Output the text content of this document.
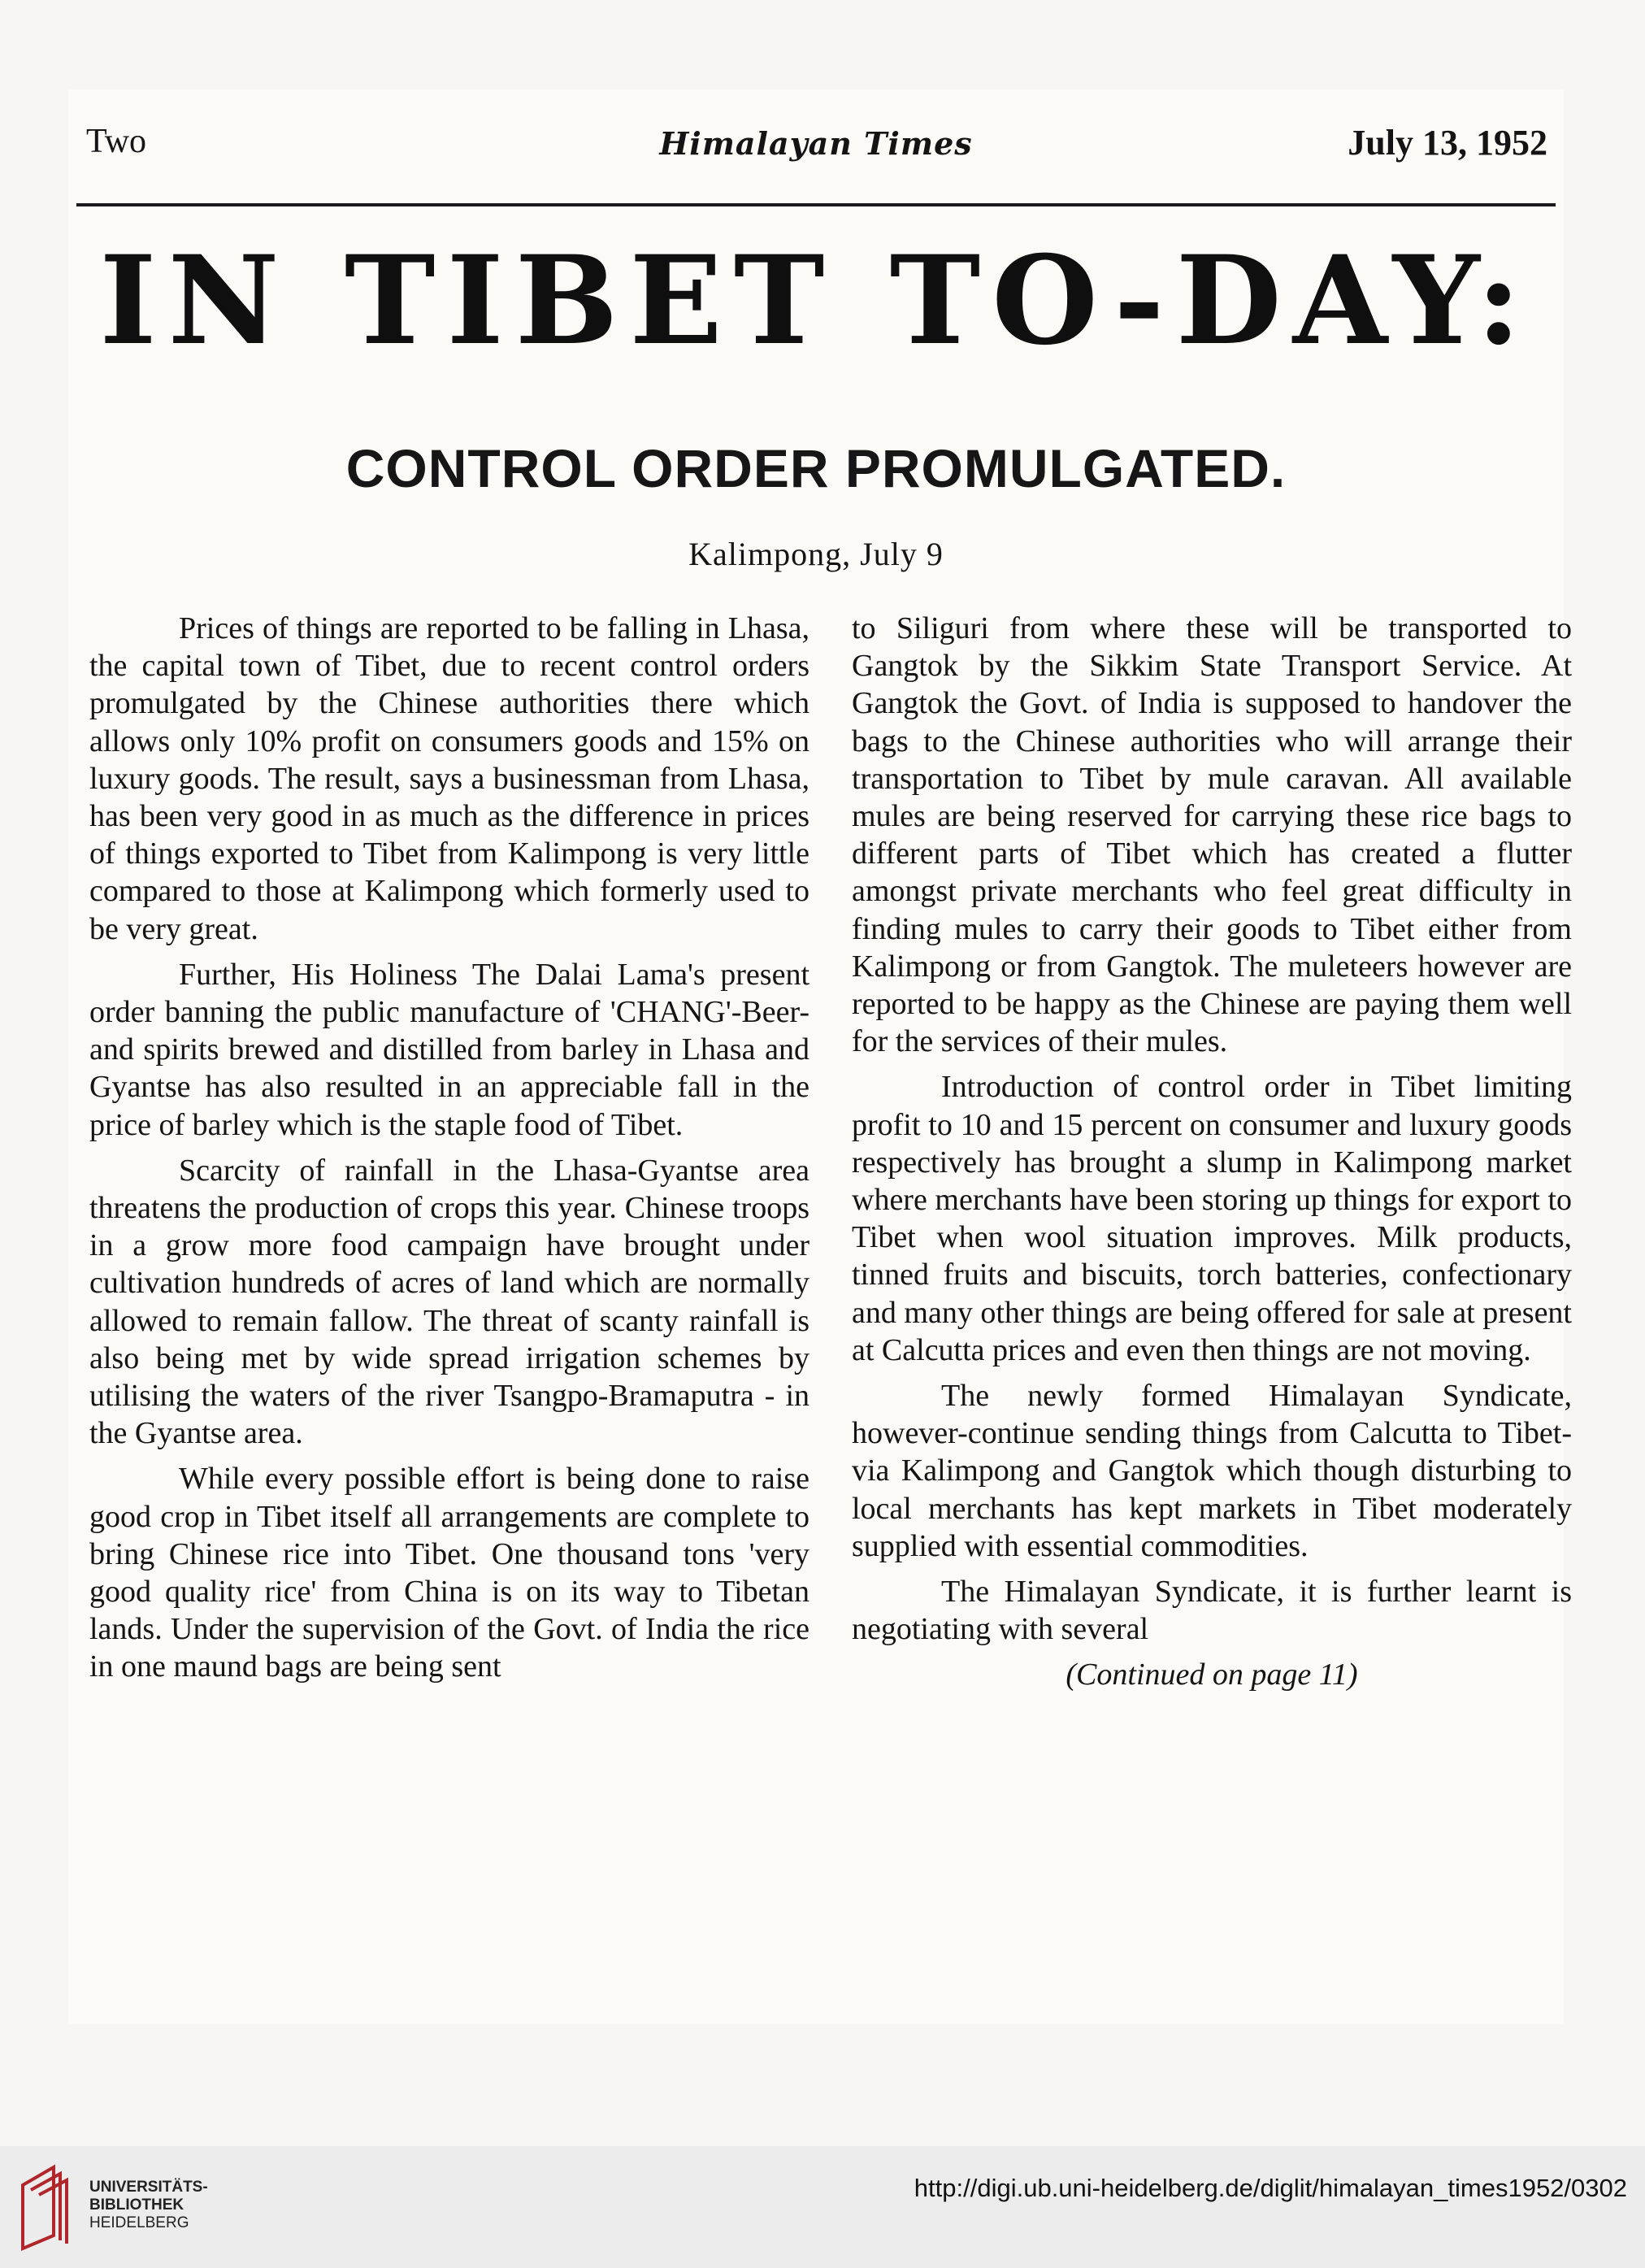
Two	Himalayan Times	July 13, 1952
IN TIBET TO-DAY:
CONTROL ORDER PROMULGATED.
Kalimpong, July 9

Prices of things are reported to be falling in Lhasa, the capital town of Tibet, due to recent control orders promulgated by the Chinese authorities there which allows only 10% profit on consumers goods and 15% on luxury goods. The result, says a businessman from Lhasa, has been very good in as much as the difference in prices of things exported to Tibet from Kalimpong is very little compared to those at Kalimpong which formerly used to be very great.

Further, His Holiness The Dalai Lama's present order banning the public manufacture of 'CHANG'-Beer-and spirits brewed and distilled from barley in Lhasa and Gyantse has also resulted in an appreciable fall in the price of barley which is the staple food of Tibet.

Scarcity of rainfall in the Lhasa-Gyantse area threatens the production of crops this year. Chinese troops in a grow more food campaign have brought under cultivation hundreds of acres of land which are normally allowed to remain fallow. The threat of scanty rainfall is also being met by wide spread irrigation schemes by utilising the waters of the river Tsangpo-Bramaputra - in the Gyantse area.

While every possible effort is being done to raise good crop in Tibet itself all arrangements are complete to bring Chinese rice into Tibet. One thousand tons 'very good quality rice' from China is on its way to Tibetan lands. Under the supervision of the Govt. of India the rice in one maund bags are being sent

to Siliguri from where these will be transported to Gangtok by the Sikkim State Transport Service. At Gangtok the Govt. of India is supposed to handover the bags to the Chinese authorities who will arrange their transportation to Tibet by mule caravan. All available mules are being reserved for carrying these rice bags to different parts of Tibet which has created a flutter amongst private merchants who feel great difficulty in finding mules to carry their goods to Tibet either from Kalimpong or from Gangtok. The muleteers however are reported to be happy as the Chinese are paying them well for the services of their mules.

Introduction of control order in Tibet limiting profit to 10 and 15 percent on consumer and luxury goods respectively has brought a slump in Kalimpong market where merchants have been storing up things for export to Tibet when wool situation improves. Milk products, tinned fruits and biscuits, torch batteries, confectionary and many other things are being offered for sale at present at Calcutta prices and even then things are not moving.

The newly formed Himalayan Syndicate, however-continue sending things from Calcutta to Tibet-via Kalimpong and Gangtok which though disturbing to local merchants has kept markets in Tibet moderately supplied with essential commodities.

The Himalayan Syndicate, it is further learnt is negotiating with several

(Continued on page 11)
UNIVERSITÄTS-
BIBLIOTHEK
HEIDELBERG
http://digi.ub.uni-heidelberg.de/diglit/himalayan_times1952/0302
